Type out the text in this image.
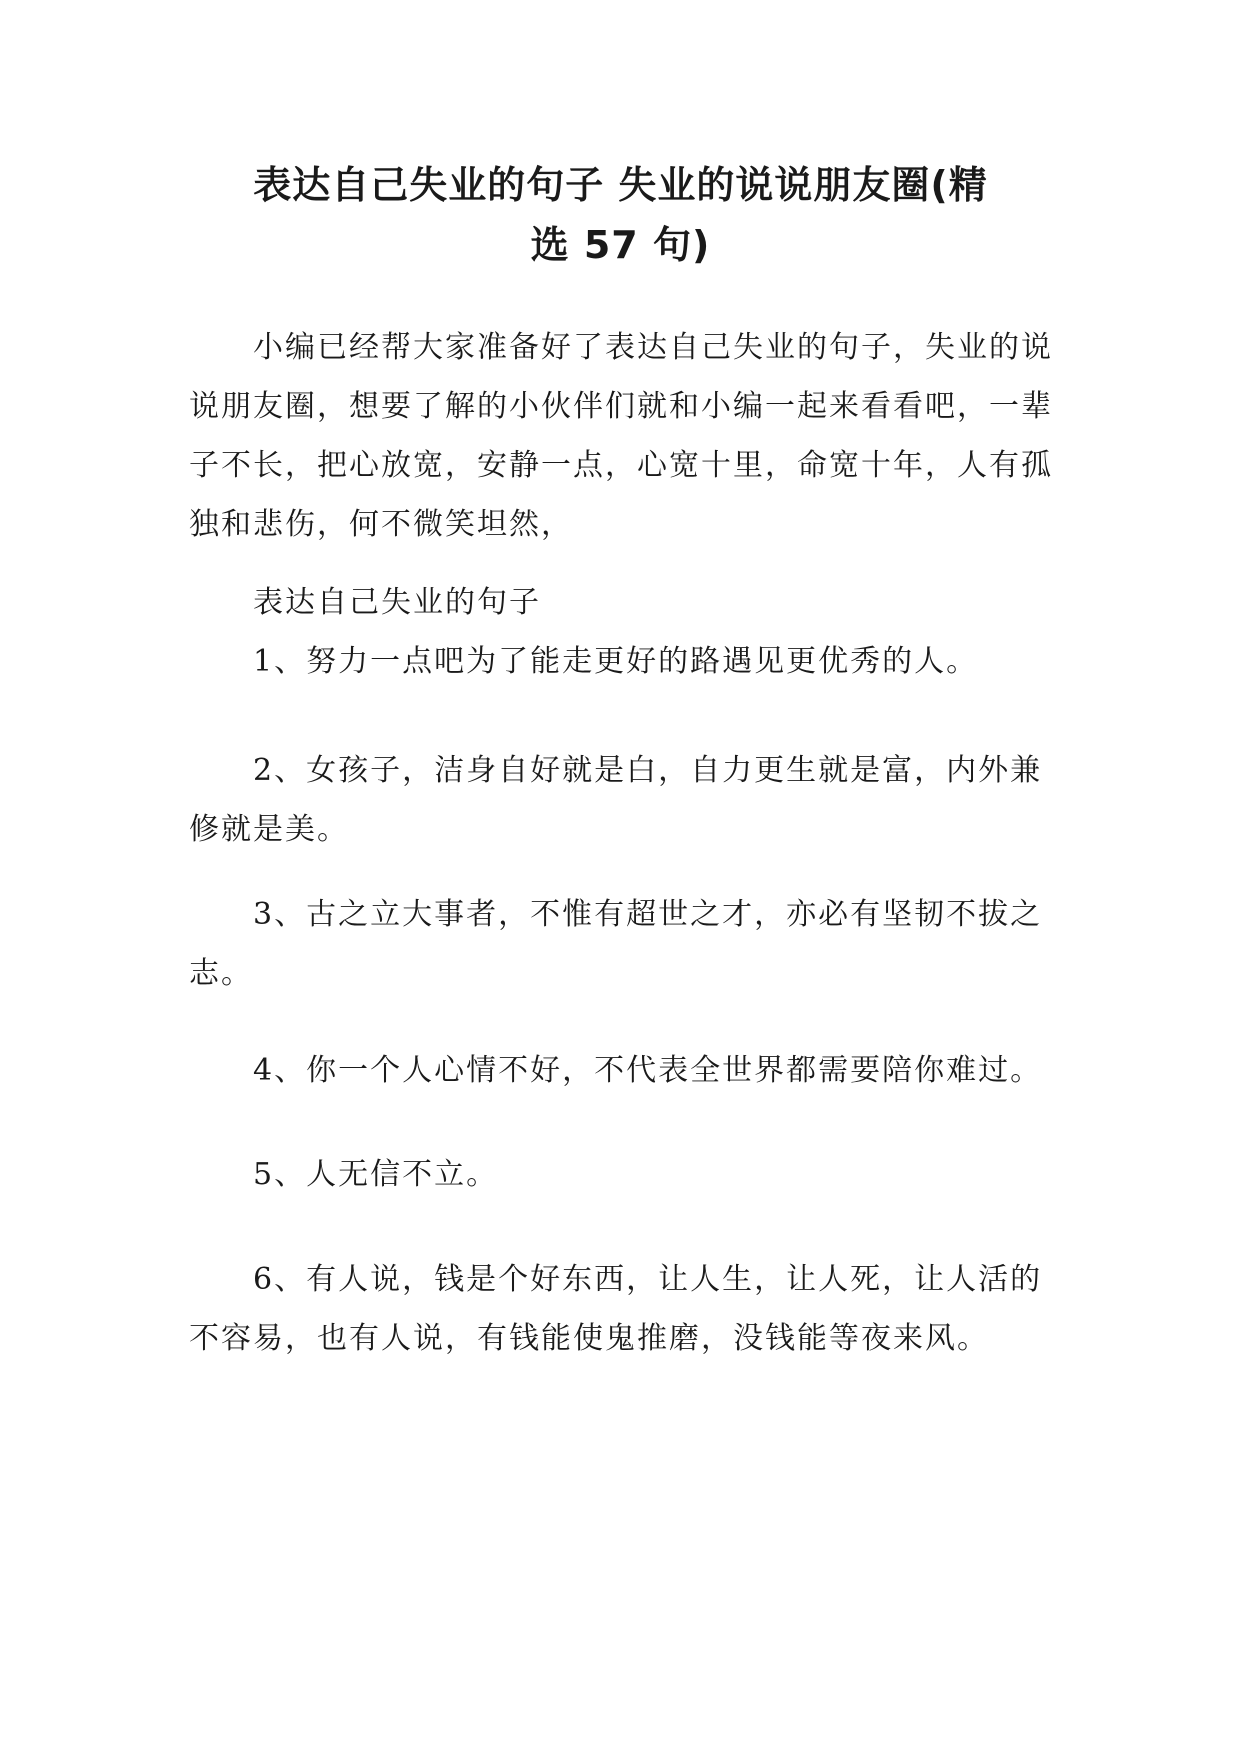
表达自己失业的句子 失业的说说朋友圈(精
选 57 句)

小编已经帮大家准备好了表达自己失业的句子，失业的说说朋友圈，想要了解的小伙伴们就和小编一起来看看吧，一辈子不长，把心放宽，安静一点，心宽十里，命宽十年，人有孤独和悲伤，何不微笑坦然，

表达自己失业的句子

1、努力一点吧为了能走更好的路遇见更优秀的人。

2、女孩子，洁身自好就是白，自力更生就是富，内外兼修就是美。

3、古之立大事者，不惟有超世之才，亦必有坚韧不拔之志。

4、你一个人心情不好，不代表全世界都需要陪你难过。

5、人无信不立。

6、有人说，钱是个好东西，让人生，让人死，让人活的不容易，也有人说，有钱能使鬼推磨，没钱能等夜来风。
